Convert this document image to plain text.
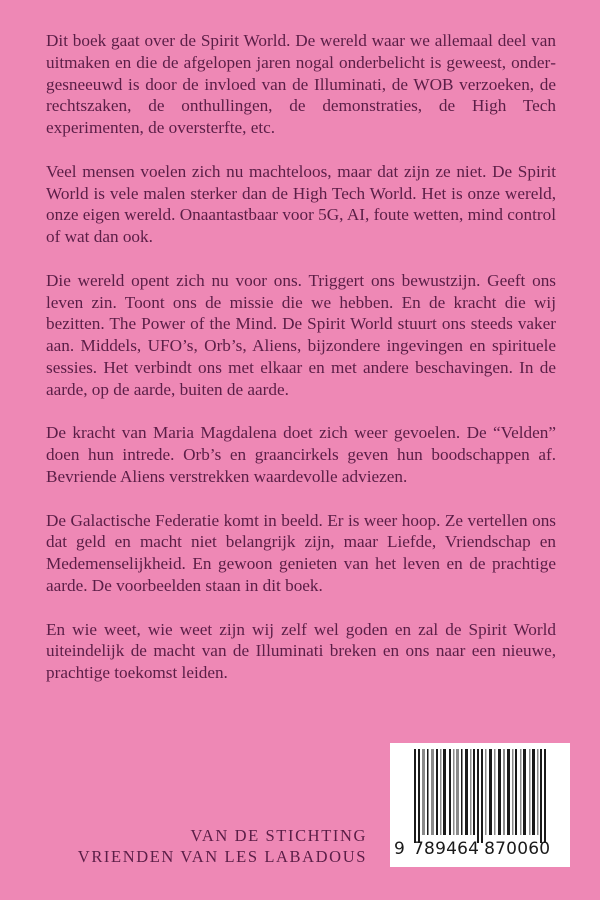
Dit boek gaat over de Spirit World. De wereld waar we allemaal deel van uitmaken en die de afgelopen jaren nogal onderbelicht is geweest, ondergesneeuwd is door de invloed van de Illuminati, de WOB verzoeken, de rechtszaken, de onthullingen, de demonstraties, de High Tech experimenten, de oversterfte, etc.

Veel mensen voelen zich nu machteloos, maar dat zijn ze niet. De Spirit World is vele malen sterker dan de High Tech World. Het is onze wereld, onze eigen wereld. Onaantastbaar voor 5G, AI, foute wetten, mind control of wat dan ook.

Die wereld opent zich nu voor ons. Triggert ons bewustzijn. Geeft ons leven zin. Toont ons de missie die we hebben. En de kracht die wij bezitten. The Power of the Mind. De Spirit World stuurt ons steeds vaker aan. Middels, UFO’s, Orb’s, Aliens, bijzondere ingevingen en spirituele sessies. Het verbindt ons met elkaar en met andere beschavingen. In de aarde, op de aarde, buiten de aarde.

De kracht van Maria Magdalena doet zich weer gevoelen. De “Velden” doen hun intrede. Orb’s en graancirkels geven hun boodschappen af. Bevriende Aliens verstrekken waardevolle adviezen.

De Galactische Federatie komt in beeld. Er is weer hoop. Ze vertellen ons dat geld en macht niet belangrijk zijn, maar Liefde, Vriendschap en Medemenselijkheid. En gewoon genieten van het leven en de prachtige aarde. De voorbeelden staan in dit boek.

En wie weet, wie weet zijn wij zelf wel goden en zal de Spirit World uiteindelijk de macht van de Illuminati breken en ons naar een nieuwe, prachtige toekomst leiden.

VAN DE STICHTING
VRIENDEN VAN LES LABADOUS 9 789464 870060
